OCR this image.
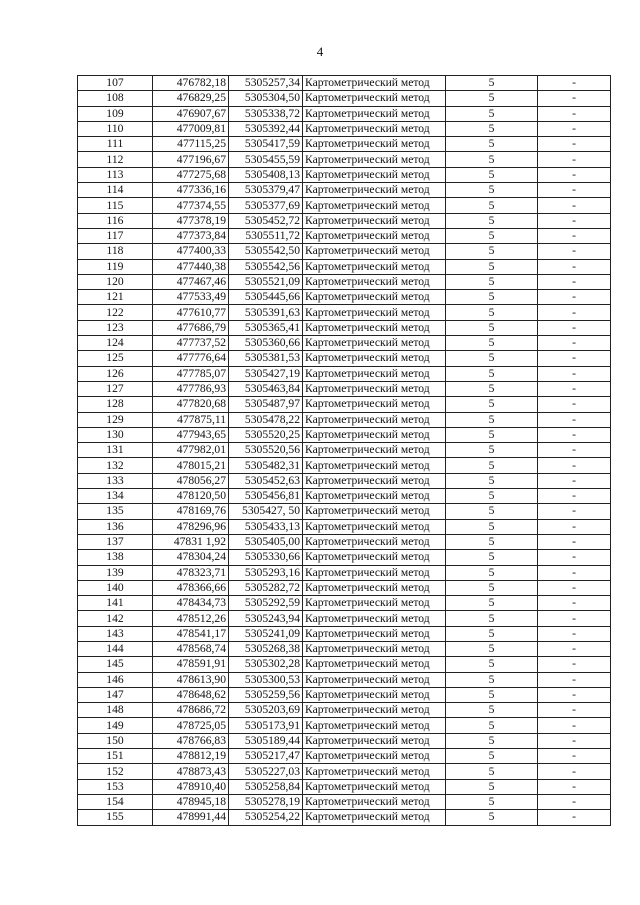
4
107	476782,18	5305257,34	Картометрический метод	5	-
108	476829,25	5305304,50	Картометрический метод	5	-
109	476907,67	5305338,72	Картометрический метод	5	-
110	477009,81	5305392,44	Картометрический метод	5	-
111	477115,25	5305417,59	Картометрический метод	5	-
112	477196,67	5305455,59	Картометрический метод	5	-
113	477275,68	5305408,13	Картометрический метод	5	-
114	477336,16	5305379,47	Картометрический метод	5	-
115	477374,55	5305377,69	Картометрический метод	5	-
116	477378,19	5305452,72	Картометрический метод	5	-
117	477373,84	5305511,72	Картометрический метод	5	-
118	477400,33	5305542,50	Картометрический метод	5	-
119	477440,38	5305542,56	Картометрический метод	5	-
120	477467,46	5305521,09	Картометрический метод	5	-
121	477533,49	5305445,66	Картометрический метод	5	-
122	477610,77	5305391,63	Картометрический метод	5	-
123	477686,79	5305365,41	Картометрический метод	5	-
124	477737,52	5305360,66	Картометрический метод	5	-
125	477776,64	5305381,53	Картометрический метод	5	-
126	477785,07	5305427,19	Картометрический метод	5	-
127	477786,93	5305463,84	Картометрический метод	5	-
128	477820,68	5305487,97	Картометрический метод	5	-
129	477875,11	5305478,22	Картометрический метод	5	-
130	477943,65	5305520,25	Картометрический метод	5	-
131	477982,01	5305520,56	Картометрический метод	5	-
132	478015,21	5305482,31	Картометрический метод	5	-
133	478056,27	5305452,63	Картометрический метод	5	-
134	478120,50	5305456,81	Картометрический метод	5	-
135	478169,76	5305427, 50	Картометрический метод	5	-
136	478296,96	5305433,13	Картометрический метод	5	-
137	47831 1,92	5305405,00	Картометрический метод	5	-
138	478304,24	5305330,66	Картометрический метод	5	-
139	478323,71	5305293,16	Картометрический метод	5	-
140	478366,66	5305282,72	Картометрический метод	5	-
141	478434,73	5305292,59	Картометрический метод	5	-
142	478512,26	5305243,94	Картометрический метод	5	-
143	478541,17	5305241,09	Картометрический метод	5	-
144	478568,74	5305268,38	Картометрический метод	5	-
145	478591,91	5305302,28	Картометрический метод	5	-
146	478613,90	5305300,53	Картометрический метод	5	-
147	478648,62	5305259,56	Картометрический метод	5	-
148	478686,72	5305203,69	Картометрический метод	5	-
149	478725,05	5305173,91	Картометрический метод	5	-
150	478766,83	5305189,44	Картометрический метод	5	-
151	478812,19	5305217,47	Картометрический метод	5	-
152	478873,43	5305227,03	Картометрический метод	5	-
153	478910,40	5305258,84	Картометрический метод	5	-
154	478945,18	5305278,19	Картометрический метод	5	-
155	478991,44	5305254,22	Картометрический метод	5	-
